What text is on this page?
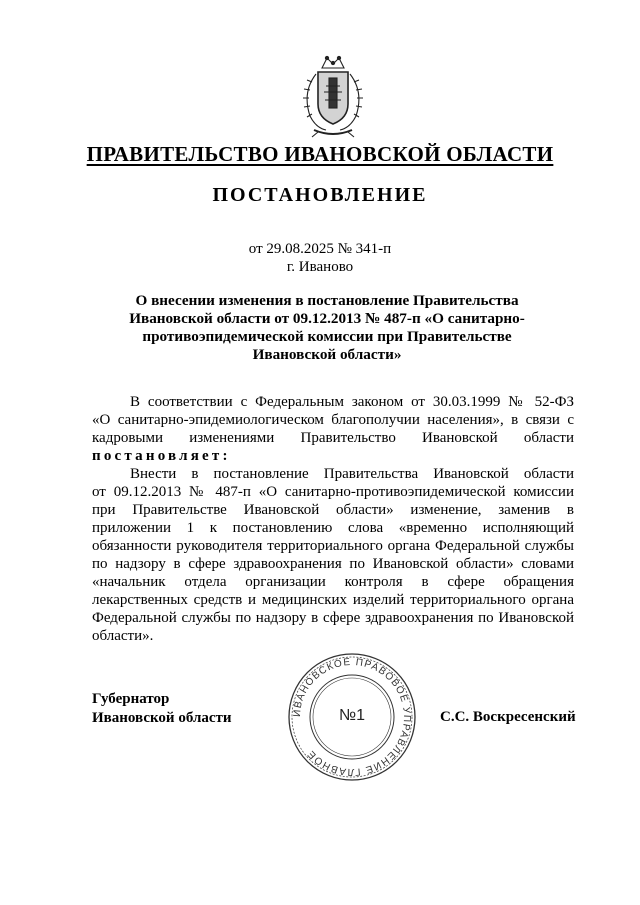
ПРАВИТЕЛЬСТВО ИВАНОВСКОЙ ОБЛАСТИ
ПОСТАНОВЛЕНИЕ
от 29.08.2025 № 341-п
г. Иваново
О внесении изменения в постановление Правительства
Ивановской области от 09.12.2013 № 487-п «О санитарно-
противоэпидемической комиссии при Правительстве
Ивановской области»
В соответствии с Федеральным законом от 30.03.1999 № 52-ФЗ
«О санитарно-эпидемиологическом благополучии населения», в связи с
кадровыми изменениями Правительство Ивановской области
постановляет:
Внести в постановление Правительства Ивановской области
от 09.12.2013 № 487-п «О санитарно-противоэпидемической комиссии
при Правительстве Ивановской области» изменение, заменив в
приложении 1 к постановлению слова «временно исполняющий
обязанности руководителя территориального органа Федеральной службы
по надзору в сфере здравоохранения по Ивановской области» словами
«начальник отдела организации контроля в сфере обращения
лекарственных средств и медицинских изделий территориального органа
Федеральной службы по надзору в сфере здравоохранения по Ивановской
области».
ИВАНОВСКОЕ ПРАВОВОЕ УПРАВЛЕНИЕ ГЛАВНОЕ
№1
Губернатор
Ивановской области	С.С. Воскресенский
